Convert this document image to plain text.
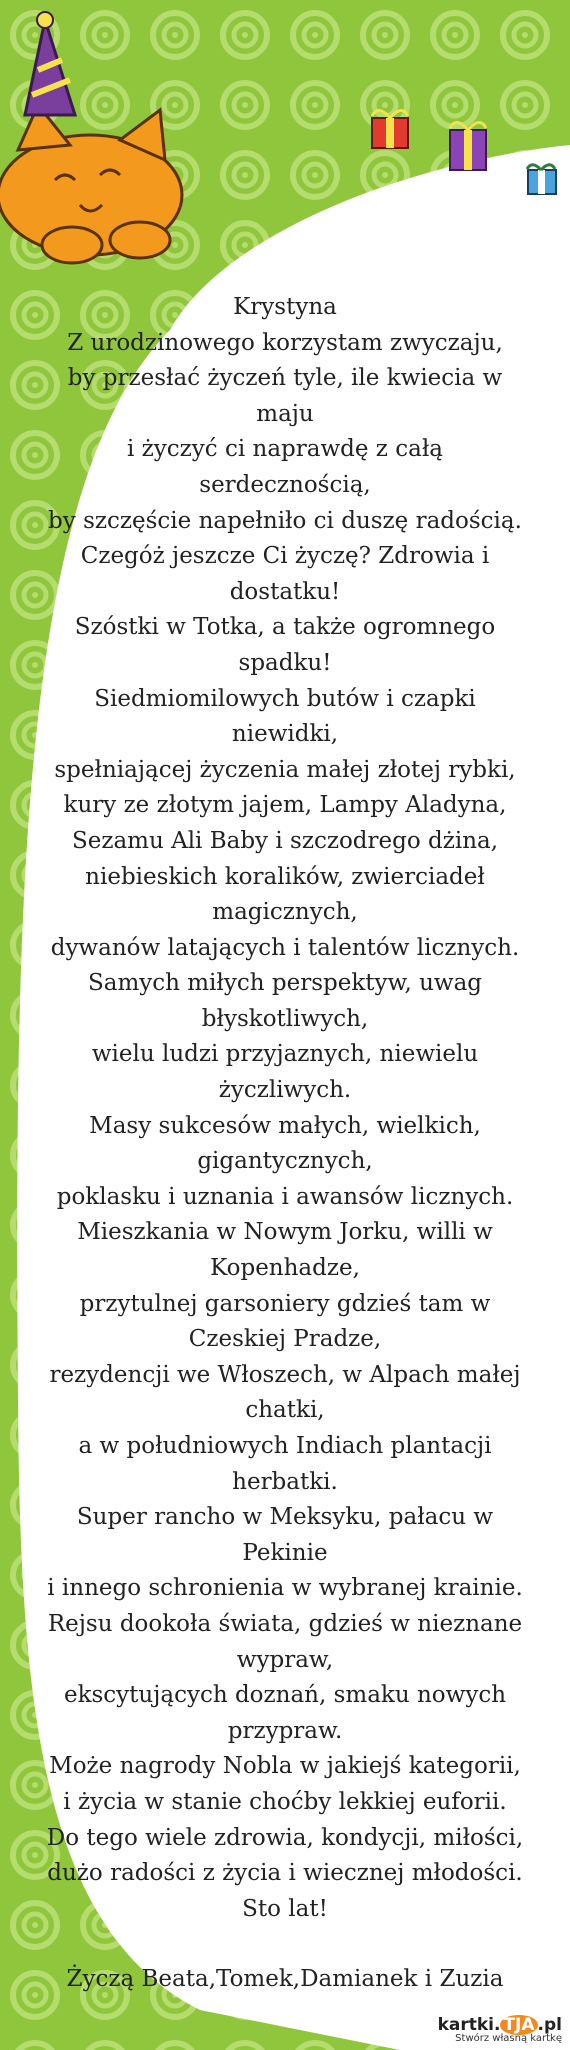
Krystyna

Z urodzinowego korzystam zwyczaju,

by przesłać życzeń tyle, ile kwiecia w maju

i życzyć ci naprawdę z całą serdecznością,

by szczęście napełniło ci duszę radością.

Czegóż jeszcze Ci życzę? Zdrowia i

dostatku!

Szóstki w Totka, a także ogromnego

spadku!

Siedmiomilowych butów i czapki niewidki,

spełniającej życzenia małej złotej rybki,

kury ze złotym jajem, Lampy Aladyna,

Sezamu Ali Baby i szczodrego dżina,

niebieskich koralików, zwierciadeł

magicznych,

dywanów latających i talentów licznych.

Samych miłych perspektyw, uwag

błyskotliwych,

wielu ludzi przyjaznych, niewielu

życzliwych.

Masy sukcesów małych, wielkich,

gigantycznych,

poklasku i uznania i awansów licznych.

Mieszkania w Nowym Jorku, willi w

Kopenhadze,

przytulnej garsoniery gdzieś tam w

Czeskiej Pradze,

rezydencji we Włoszech, w Alpach małej

chatki,

a w południowych Indiach plantacji

herbatki.

Super rancho w Meksyku, pałacu w

Pekinie

i innego schronienia w wybranej krainie.

Rejsu dookoła świata, gdzieś w nieznane

wypraw,

ekscytujących doznań, smaku nowych

przypraw.

Może nagrody Nobla w jakiejś kategorii,

i życia w stanie choćby lekkiej euforii.

Do tego wiele zdrowia, kondycji, miłości,

dużo radości z życia i wiecznej młodości.

Sto lat!

Życzą Beata,Tomek,Damianek i Zuzia

kartki. TJA .pl
Stwórz własną kartkę
